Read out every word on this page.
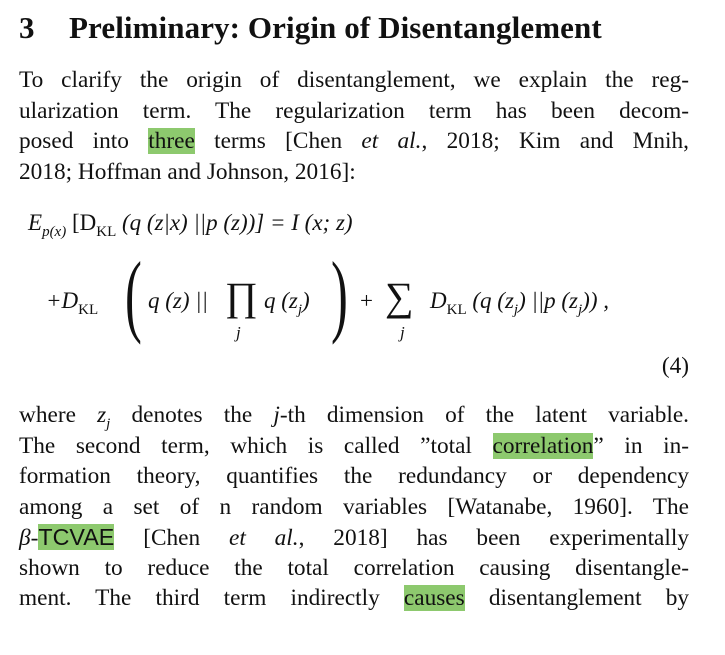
3 Preliminary: Origin of Disentanglement
To clarify the origin of disentanglement, we explain the reg-
ularization term. The regularization term has been decom-
posed into three terms [Chen et al., 2018; Kim and Mnih,
2018; Hoffman and Johnson, 2016]:
$E_{p(x)}$ [$D_{KL}$ (q (z|x) ||p (z))] = I (x; z)
$+D_{KL}$ ( q (z) || ∏
j
q $(z_j)$ ) + ∑
j
$D_{KL}$ (q $(z_j)$ ||p $(z_j)$) ,
(4)
where $z_j$ denotes the j-th dimension of the latent variable.
The second term, which is called ”total correlation” in in-
formation theory, quantifies the redundancy or dependency
among a set of n random variables [Watanabe, 1960]. The
β-TCVAE [Chen et al., 2018] has been experimentally
shown to reduce the total correlation causing disentangle-
ment. The third term indirectly causes disentanglement by
